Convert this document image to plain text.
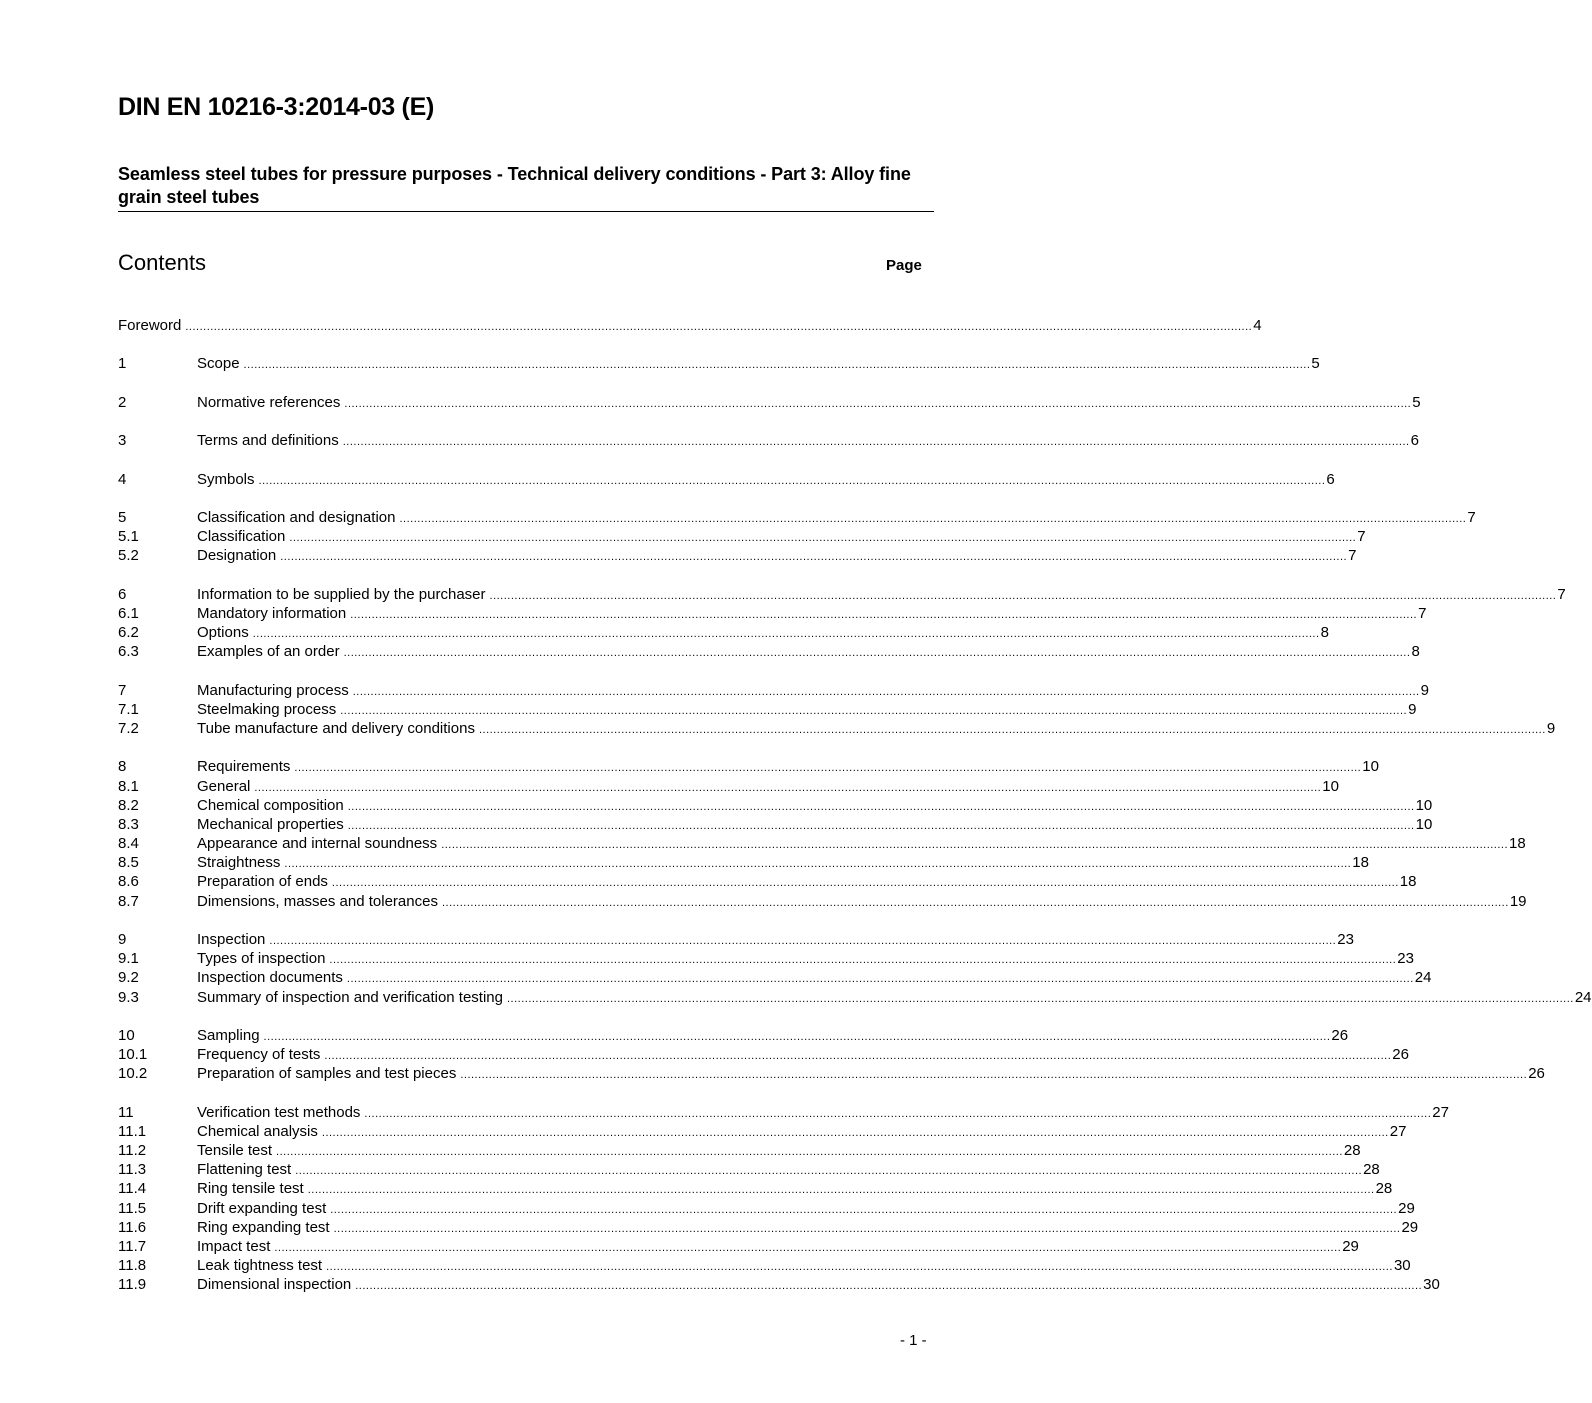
DIN EN 10216-3:2014-03 (E)
Seamless steel tubes for pressure purposes - Technical delivery conditions - Part 3: Alloy fine grain steel tubes
Contents	Page
Foreword ............................................................................................................................................................................................................................................................................................................ 4
1	Scope ............................................................................................................................................................................................................................................................................................................ 5
2	Normative references ............................................................................................................................................................................................................................................................................................................ 5
3	Terms and definitions ............................................................................................................................................................................................................................................................................................................ 6
4	Symbols ............................................................................................................................................................................................................................................................................................................ 6
5	Classification and designation ............................................................................................................................................................................................................................................................................................................ 7
5.1	Classification ............................................................................................................................................................................................................................................................................................................ 7
5.2	Designation ............................................................................................................................................................................................................................................................................................................ 7
6	Information to be supplied by the purchaser ............................................................................................................................................................................................................................................................................................................ 7
6.1	Mandatory information ............................................................................................................................................................................................................................................................................................................ 7
6.2	Options ............................................................................................................................................................................................................................................................................................................ 8
6.3	Examples of an order ............................................................................................................................................................................................................................................................................................................ 8
7	Manufacturing process ............................................................................................................................................................................................................................................................................................................ 9
7.1	Steelmaking process ............................................................................................................................................................................................................................................................................................................ 9
7.2	Tube manufacture and delivery conditions ............................................................................................................................................................................................................................................................................................................ 9
8	Requirements ............................................................................................................................................................................................................................................................................................................ 10
8.1	General ............................................................................................................................................................................................................................................................................................................ 10
8.2	Chemical composition ............................................................................................................................................................................................................................................................................................................ 10
8.3	Mechanical properties ............................................................................................................................................................................................................................................................................................................ 10
8.4	Appearance and internal soundness ............................................................................................................................................................................................................................................................................................................ 18
8.5	Straightness ............................................................................................................................................................................................................................................................................................................ 18
8.6	Preparation of ends ............................................................................................................................................................................................................................................................................................................ 18
8.7	Dimensions, masses and tolerances ............................................................................................................................................................................................................................................................................................................ 19
9	Inspection ............................................................................................................................................................................................................................................................................................................ 23
9.1	Types of inspection ............................................................................................................................................................................................................................................................................................................ 23
9.2	Inspection documents ............................................................................................................................................................................................................................................................................................................ 24
9.3	Summary of inspection and verification testing ............................................................................................................................................................................................................................................................................................................ 24
10	Sampling ............................................................................................................................................................................................................................................................................................................ 26
10.1	Frequency of tests ............................................................................................................................................................................................................................................................................................................ 26
10.2	Preparation of samples and test pieces ............................................................................................................................................................................................................................................................................................................ 26
11	Verification test methods ............................................................................................................................................................................................................................................................................................................ 27
11.1	Chemical analysis ............................................................................................................................................................................................................................................................................................................ 27
11.2	Tensile test ............................................................................................................................................................................................................................................................................................................ 28
11.3	Flattening test ............................................................................................................................................................................................................................................................................................................ 28
11.4	Ring tensile test ............................................................................................................................................................................................................................................................................................................ 28
11.5	Drift expanding test ............................................................................................................................................................................................................................................................................................................ 29
11.6	Ring expanding test ............................................................................................................................................................................................................................................................................................................ 29
11.7	Impact test ............................................................................................................................................................................................................................................................................................................ 29
11.8	Leak tightness test ............................................................................................................................................................................................................................................................................................................ 30
11.9	Dimensional inspection ............................................................................................................................................................................................................................................................................................................ 30
- 1 -
